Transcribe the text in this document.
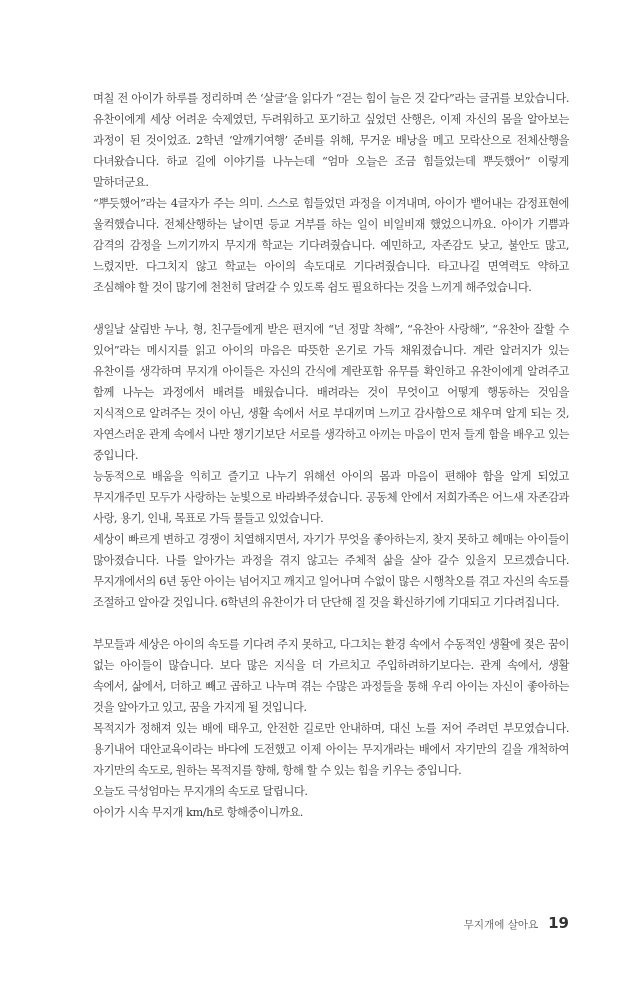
며칠 전 아이가 하루를 정리하며 쓴 ‘살글’을 읽다가 “걷는 힘이 늘은 것 같다”라는 글귀를 보았습니다. 유찬이에게 세상 어려운 숙제였던, 두려워하고 포기하고 싶었던 산행은, 이제 자신의 몸을 알아보는 과정이 된 것이었죠. 2학년 ‘알깨기여행’ 준비를 위해, 무거운 배낭을 메고 모락산으로 전체산행을 다녀왔습니다. 하교 길에 이야기를 나누는데 “엄마 오늘은 조금 힘들었는데 뿌듯했어” 이렇게 말하더군요.

“뿌듯했어”라는 4글자가 주는 의미. 스스로 힘들었던 과정을 이겨내며, 아이가 뱉어내는 감정표현에 울컥했습니다. 전체산행하는 날이면 등교 거부를 하는 일이 비일비재 했었으니까요. 아이가 기쁨과 감격의 감정을 느끼기까지 무지개 학교는 기다려줬습니다. 예민하고, 자존감도 낮고, 불안도 많고, 느렸지만. 다그치지 않고 학교는 아이의 속도대로 기다려줬습니다. 타고나길 면역력도 약하고 조심해야 할 것이 많기에 천천히 달려갈 수 있도록 쉼도 필요하다는 것을 느끼게 해주었습니다.

생일날 살림반 누나, 형, 친구들에게 받은 편지에 “넌 정말 착해”, “유찬아 사랑해”, “유찬아 잘할 수 있어”라는 메시지를 읽고 아이의 마음은 따뜻한 온기로 가득 채워졌습니다. 계란 알러지가 있는 유찬이를 생각하며 무지개 아이들은 자신의 간식에 계란포함 유무를 확인하고 유찬이에게 알려주고 함께 나누는 과정에서 배려를 배웠습니다. 배려라는 것이 무엇이고 어떻게 행동하는 것임을 지식적으로 알려주는 것이 아닌, 생활 속에서 서로 부대끼며 느끼고 감사함으로 채우며 알게 되는 것, 자연스러운 관계 속에서 나만 챙기기보단 서로를 생각하고 아끼는 마음이 먼저 들게 함을 배우고 있는 중입니다.

능동적으로 배움을 익히고 즐기고 나누기 위해선 아이의 몸과 마음이 편해야 함을 알게 되었고 무지개주민 모두가 사랑하는 눈빛으로 바라봐주셨습니다. 공동체 안에서 저희가족은 어느새 자존감과 사랑, 용기, 인내, 목표로 가득 물들고 있었습니다.

세상이 빠르게 변하고 경쟁이 치열해지면서, 자기가 무엇을 좋아하는지, 찾지 못하고 헤매는 아이들이 많아졌습니다. 나를 알아가는 과정을 겪지 않고는 주체적 삶을 살아 갈수 있을지 모르겠습니다. 무지개에서의 6년 동안 아이는 넘어지고 깨지고 일어나며 수없이 많은 시행착오를 겪고 자신의 속도를 조절하고 알아갈 것입니다. 6학년의 유찬이가 더 단단해 질 것을 확신하기에 기대되고 기다려집니다.

부모들과 세상은 아이의 속도를 기다려 주지 못하고, 다그치는 환경 속에서 수동적인 생활에 젖은 꿈이 없는 아이들이 많습니다. 보다 많은 지식을 더 가르치고 주입하려하기보다는. 관계 속에서, 생활 속에서, 삶에서, 더하고 빼고 곱하고 나누며 겪는 수많은 과정들을 통해 우리 아이는 자신이 좋아하는 것을 알아가고 있고, 꿈을 가지게 될 것입니다.

목적지가 정해져 있는 배에 태우고, 안전한 길로만 안내하며, 대신 노를 저어 주려던 부모였습니다. 용기내어 대안교육이라는 바다에 도전했고 이제 아이는 무지개라는 배에서 자기만의 길을 개척하여 자기만의 속도로, 원하는 목적지를 향해, 항해 할 수 있는 힘을 키우는 중입니다.

오늘도 극성엄마는 무지개의 속도로 달립니다.

아이가 시속 무지개 km/h로 항해중이니까요.

무지개에 살아요 19
